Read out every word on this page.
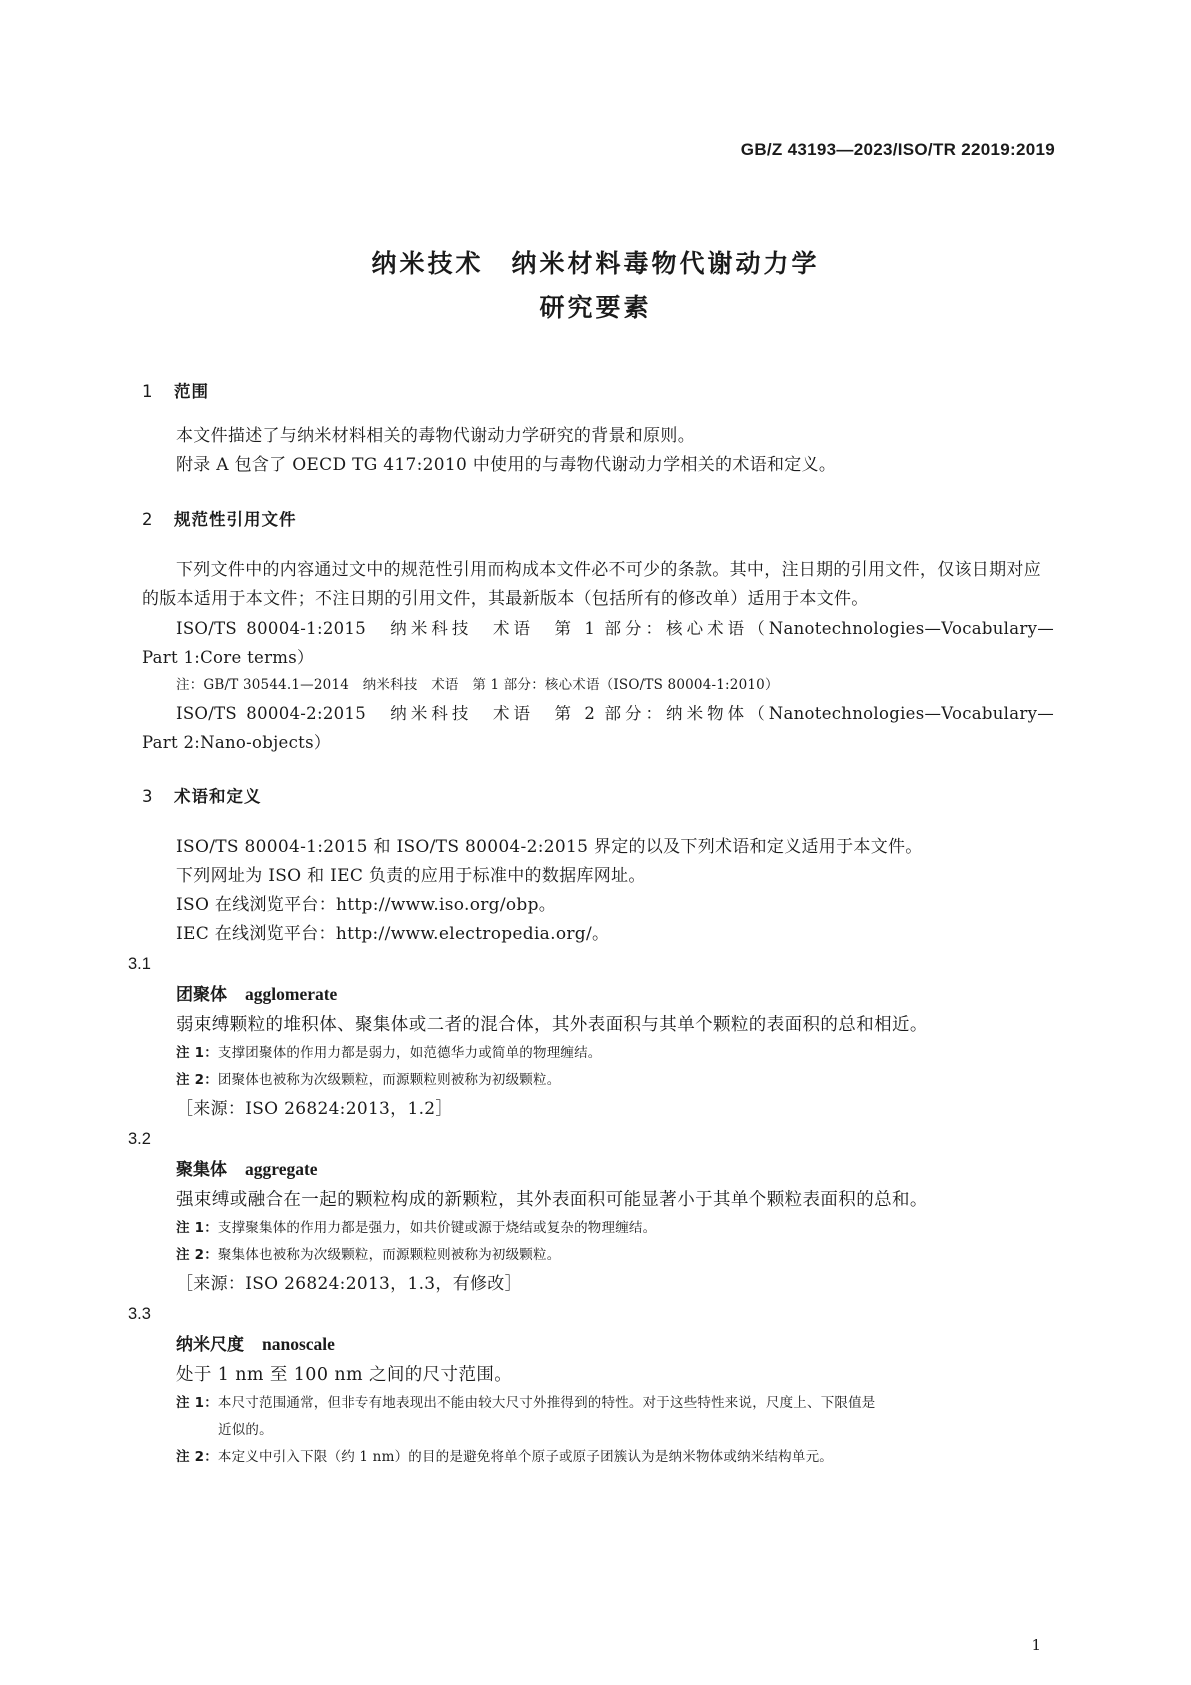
GB/Z 43193—2023/ISO/TR 22019:2019
纳米技术　纳米材料毒物代谢动力学
研究要素
1 范围

本文件描述了与纳米材料相关的毒物代谢动力学研究的背景和原则。

附录 A 包含了 OECD TG 417:2010 中使用的与毒物代谢动力学相关的术语和定义。

2 规范性引用文件

下列文件中的内容通过文中的规范性引用而构成本文件必不可少的条款。其中，注日期的引用文件，仅该日期对应的版本适用于本文件；不注日期的引用文件，其最新版本（包括所有的修改单）适用于本文件。

ISO/TS 80004-1:2015　纳米科技　术语　第 1 部分：核心术语（Nanotechnologies—Vocabulary—
Part 1:Core terms）
注：GB/T 30544.1—2014　纳米科技　术语　第 1 部分：核心术语（ISO/TS 80004-1:2010）
ISO/TS 80004-2:2015　纳米科技　术语　第 2 部分：纳米物体（Nanotechnologies—Vocabulary—
Part 2:Nano-objects）
3 术语和定义

ISO/TS 80004-1:2015 和 ISO/TS 80004-2:2015 界定的以及下列术语和定义适用于本文件。

下列网址为 ISO 和 IEC 负责的应用于标准中的数据库网址。

ISO 在线浏览平台：http://www.iso.org/obp。

IEC 在线浏览平台：http://www.electropedia.org/。

3.1
团聚体 agglomerate
弱束缚颗粒的堆积体、聚集体或二者的混合体，其外表面积与其单个颗粒的表面积的总和相近。
注 1：支撑团聚体的作用力都是弱力，如范德华力或简单的物理缠结。
注 2：团聚体也被称为次级颗粒，而源颗粒则被称为初级颗粒。
［来源：ISO 26824:2013，1.2］
3.2
聚集体 aggregate
强束缚或融合在一起的颗粒构成的新颗粒，其外表面积可能显著小于其单个颗粒表面积的总和。
注 1：支撑聚集体的作用力都是强力，如共价键或源于烧结或复杂的物理缠结。
注 2：聚集体也被称为次级颗粒，而源颗粒则被称为初级颗粒。
［来源：ISO 26824:2013，1.3，有修改］
3.3
纳米尺度 nanoscale
处于 1 nm 至 100 nm 之间的尺寸范围。
注 1：本尺寸范围通常，但非专有地表现出不能由较大尺寸外推得到的特性。对于这些特性来说，尺度上、下限值是
近似的。
注 2：本定义中引入下限（约 1 nm）的目的是避免将单个原子或原子团簇认为是纳米物体或纳米结构单元。
1
